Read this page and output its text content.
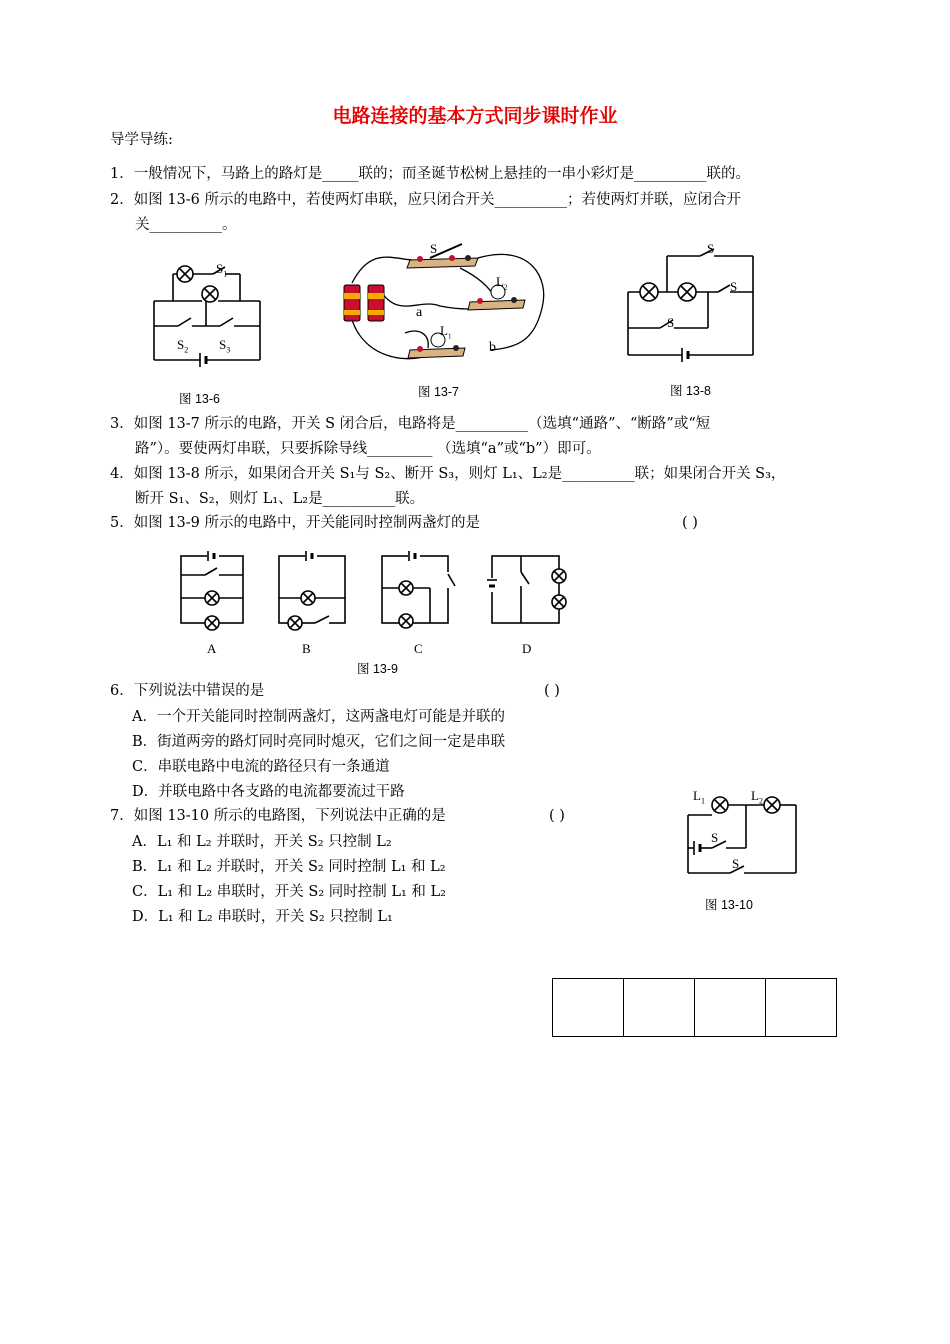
电路连接的基本方式同步课时作业
导学导练:
1．一般情况下，马路上的路灯是_____联的；而圣诞节松树上悬挂的一串小彩灯是__________联的。
2．如图 13-6 所示的电路中，若使两灯串联，应只闭合开关__________；若使两灯并联，应闭合开
关__________。
$S_1$
$S_2$ $S_3$
图 13-6
S
$L_2$
$L_1$
a
b
图 13-7
S
S
S
图 13-8
3．如图 13-7 所示的电路，开关 S 闭合后，电路将是__________（选填“通路”、“断路”或“短
路”）。要使两灯串联，只要拆除导线_________ （选填“a”或“b”）即可。
4．如图 13-8 所示，如果闭合开关 S₁与 S₂、断开 S₃，则灯 L₁、L₂是__________联；如果闭合开关 S₃，
断开 S₁、S₂，则灯 L₁、L₂是__________联。
5．如图 13-9 所示的电路中，开关能同时控制两盏灯的是	( )
A	B	C	D
图 13-9
6．下列说法中错误的是	( )
A．一个开关能同时控制两盏灯，这两盏电灯可能是并联的
B．街道两旁的路灯同时亮同时熄灭，它们之间一定是串联
C．串联电路中电流的路径只有一条通道
D．并联电路中各支路的电流都要流过干路
7．如图 13-10 所示的电路图，下列说法中正确的是	( )
A．L₁ 和 L₂ 并联时，开关 S₂ 只控制 L₂
B．L₁ 和 L₂ 并联时，开关 S₂ 同时控制 L₁ 和 L₂
C．L₁ 和 L₂ 串联时，开关 S₂ 同时控制 L₁ 和 L₂
D．L₁ 和 L₂ 串联时，开关 S₂ 只控制 L₁
$L_1$	$L_2$
S
S
图 13-10
